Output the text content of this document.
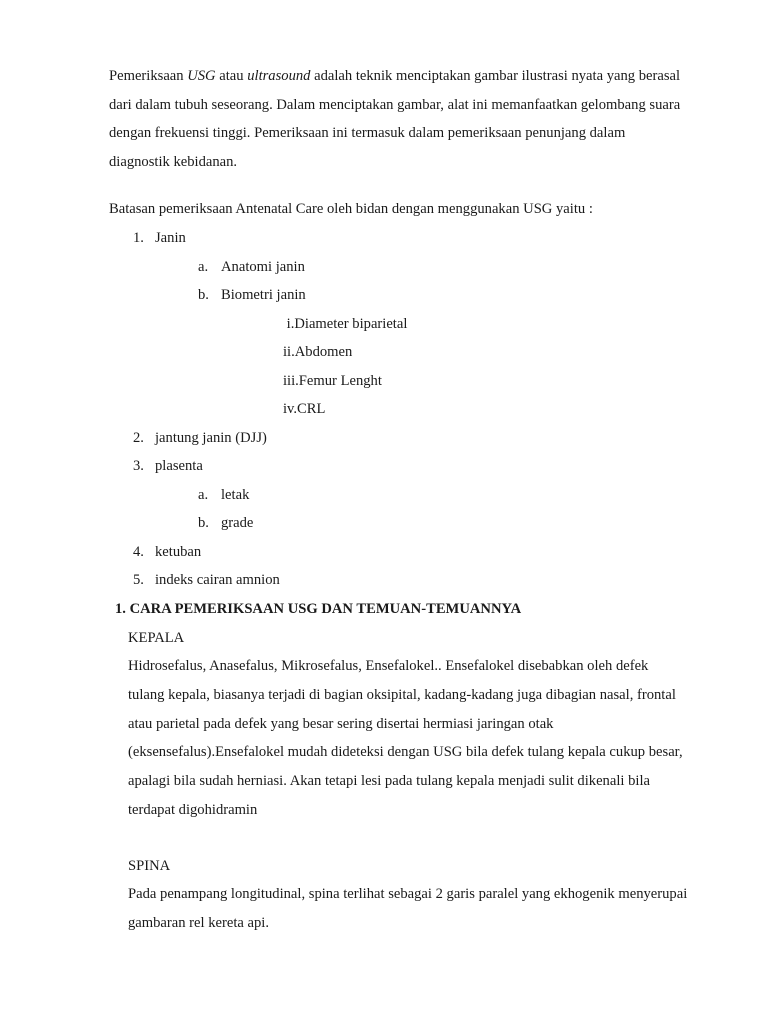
Pemeriksaan USG atau ultrasound adalah teknik menciptakan gambar ilustrasi nyata yang berasal dari dalam tubuh seseorang. Dalam menciptakan gambar, alat ini memanfaatkan gelombang suara dengan frekuensi tinggi. Pemeriksaan ini termasuk dalam pemeriksaan penunjang dalam diagnostik kebidanan.

Batasan pemeriksaan Antenatal Care oleh bidan dengan menggunakan USG yaitu :
1. Janin
a. Anatomi janin
b. Biometri janin
i.Diameter biparietal
ii.Abdomen
iii.Femur Lenght
iv.CRL
2. jantung janin (DJJ)
3. plasenta
a. letak
b. grade
4. ketuban
5. indeks cairan amnion
1. CARA PEMERIKSAAN USG DAN TEMUAN-TEMUANNYA
KEPALA

Hidrosefalus, Anasefalus, Mikrosefalus, Ensefalokel.. Ensefalokel disebabkan oleh defek tulang kepala, biasanya terjadi di bagian oksipital, kadang-kadang juga dibagian nasal, frontal atau parietal pada defek yang besar sering disertai hermiasi jaringan otak (eksensefalus).Ensefalokel mudah dideteksi dengan USG bila defek tulang kepala cukup besar, apalagi bila sudah herniasi. Akan tetapi lesi pada tulang kepala menjadi sulit dikenali bila terdapat digohidramin

SPINA

Pada penampang longitudinal, spina terlihat sebagai 2 garis paralel yang ekhogenik menyerupai gambaran rel kereta api.
